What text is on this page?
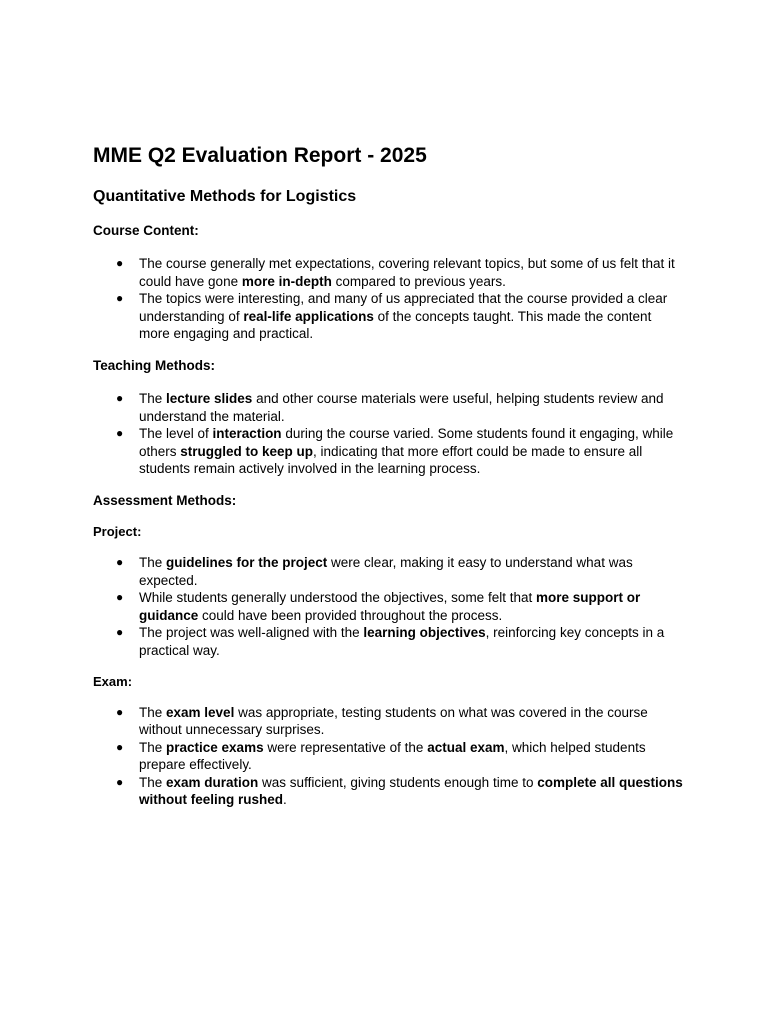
MME Q2 Evaluation Report - 2025
Quantitative Methods for Logistics
Course Content:
● The course generally met expectations, covering relevant topics, but some of us felt that it could have gone more in-depth compared to previous years.
● The topics were interesting, and many of us appreciated that the course provided a clear understanding of real-life applications of the concepts taught. This made the content more engaging and practical.
Teaching Methods:
● The lecture slides and other course materials were useful, helping students review and understand the material.
● The level of interaction during the course varied. Some students found it engaging, while others struggled to keep up, indicating that more effort could be made to ensure all students remain actively involved in the learning process.
Assessment Methods:
Project:
● The guidelines for the project were clear, making it easy to understand what was expected.
● While students generally understood the objectives, some felt that more support or guidance could have been provided throughout the process.
● The project was well-aligned with the learning objectives, reinforcing key concepts in a practical way.
Exam:
● The exam level was appropriate, testing students on what was covered in the course without unnecessary surprises.
● The practice exams were representative of the actual exam, which helped students prepare effectively.
● The exam duration was sufficient, giving students enough time to complete all questions without feeling rushed.
